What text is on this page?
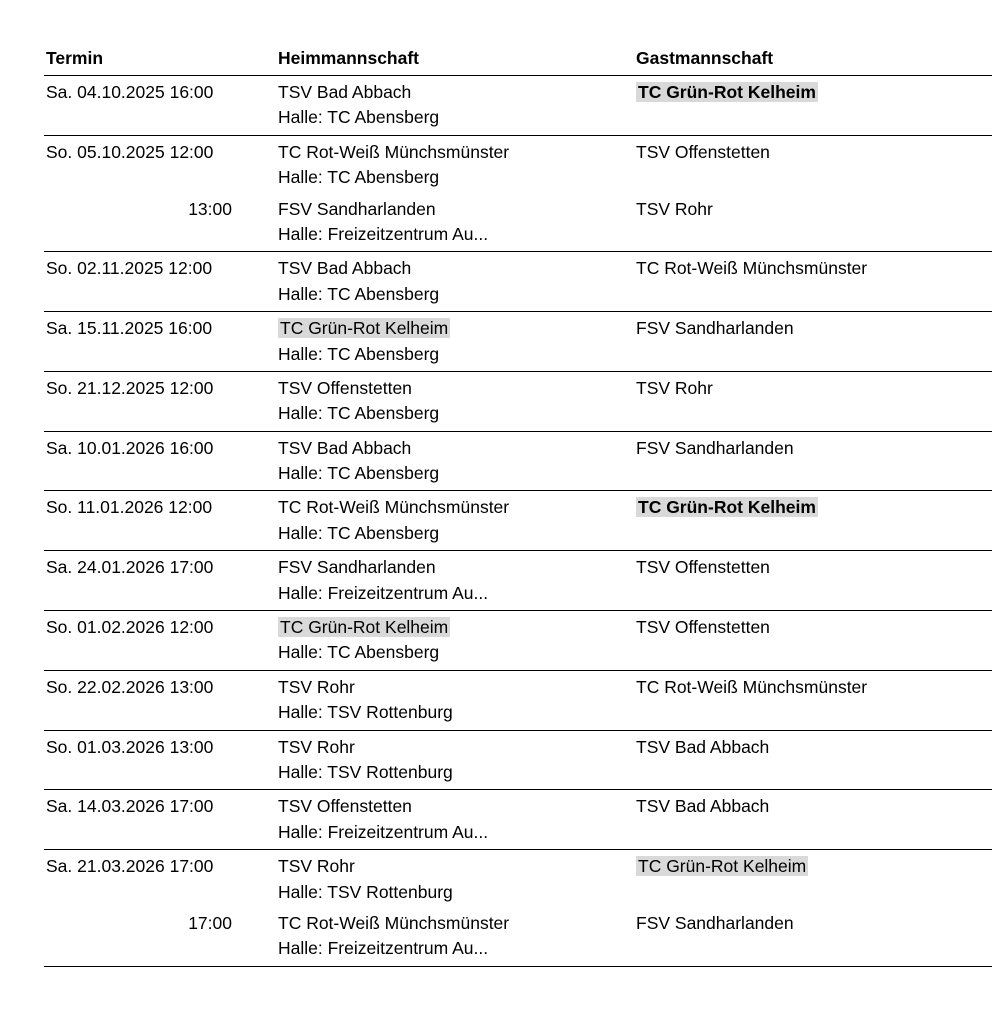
Termin	Heimmannschaft	Gastmannschaft
Sa. 04.10.2025 16:00	TSV Bad Abbach	TC Grün-Rot Kelheim
	Halle: TC Abensberg	
So. 05.10.2025 12:00	TC Rot-Weiß Münchsmünster	TSV Offenstetten
	Halle: TC Abensberg	
13:00	FSV Sandharlanden	TSV Rohr
	Halle: Freizeitzentrum Au...	
So. 02.11.2025 12:00	TSV Bad Abbach	TC Rot-Weiß Münchsmünster
	Halle: TC Abensberg	
Sa. 15.11.2025 16:00	TC Grün-Rot Kelheim	FSV Sandharlanden
	Halle: TC Abensberg	
So. 21.12.2025 12:00	TSV Offenstetten	TSV Rohr
	Halle: TC Abensberg	
Sa. 10.01.2026 16:00	TSV Bad Abbach	FSV Sandharlanden
	Halle: TC Abensberg	
So. 11.01.2026 12:00	TC Rot-Weiß Münchsmünster	TC Grün-Rot Kelheim
	Halle: TC Abensberg	
Sa. 24.01.2026 17:00	FSV Sandharlanden	TSV Offenstetten
	Halle: Freizeitzentrum Au...	
So. 01.02.2026 12:00	TC Grün-Rot Kelheim	TSV Offenstetten
	Halle: TC Abensberg	
So. 22.02.2026 13:00	TSV Rohr	TC Rot-Weiß Münchsmünster
	Halle: TSV Rottenburg	
So. 01.03.2026 13:00	TSV Rohr	TSV Bad Abbach
	Halle: TSV Rottenburg	
Sa. 14.03.2026 17:00	TSV Offenstetten	TSV Bad Abbach
	Halle: Freizeitzentrum Au...	
Sa. 21.03.2026 17:00	TSV Rohr	TC Grün-Rot Kelheim
	Halle: TSV Rottenburg	
17:00	TC Rot-Weiß Münchsmünster	FSV Sandharlanden
	Halle: Freizeitzentrum Au...	
